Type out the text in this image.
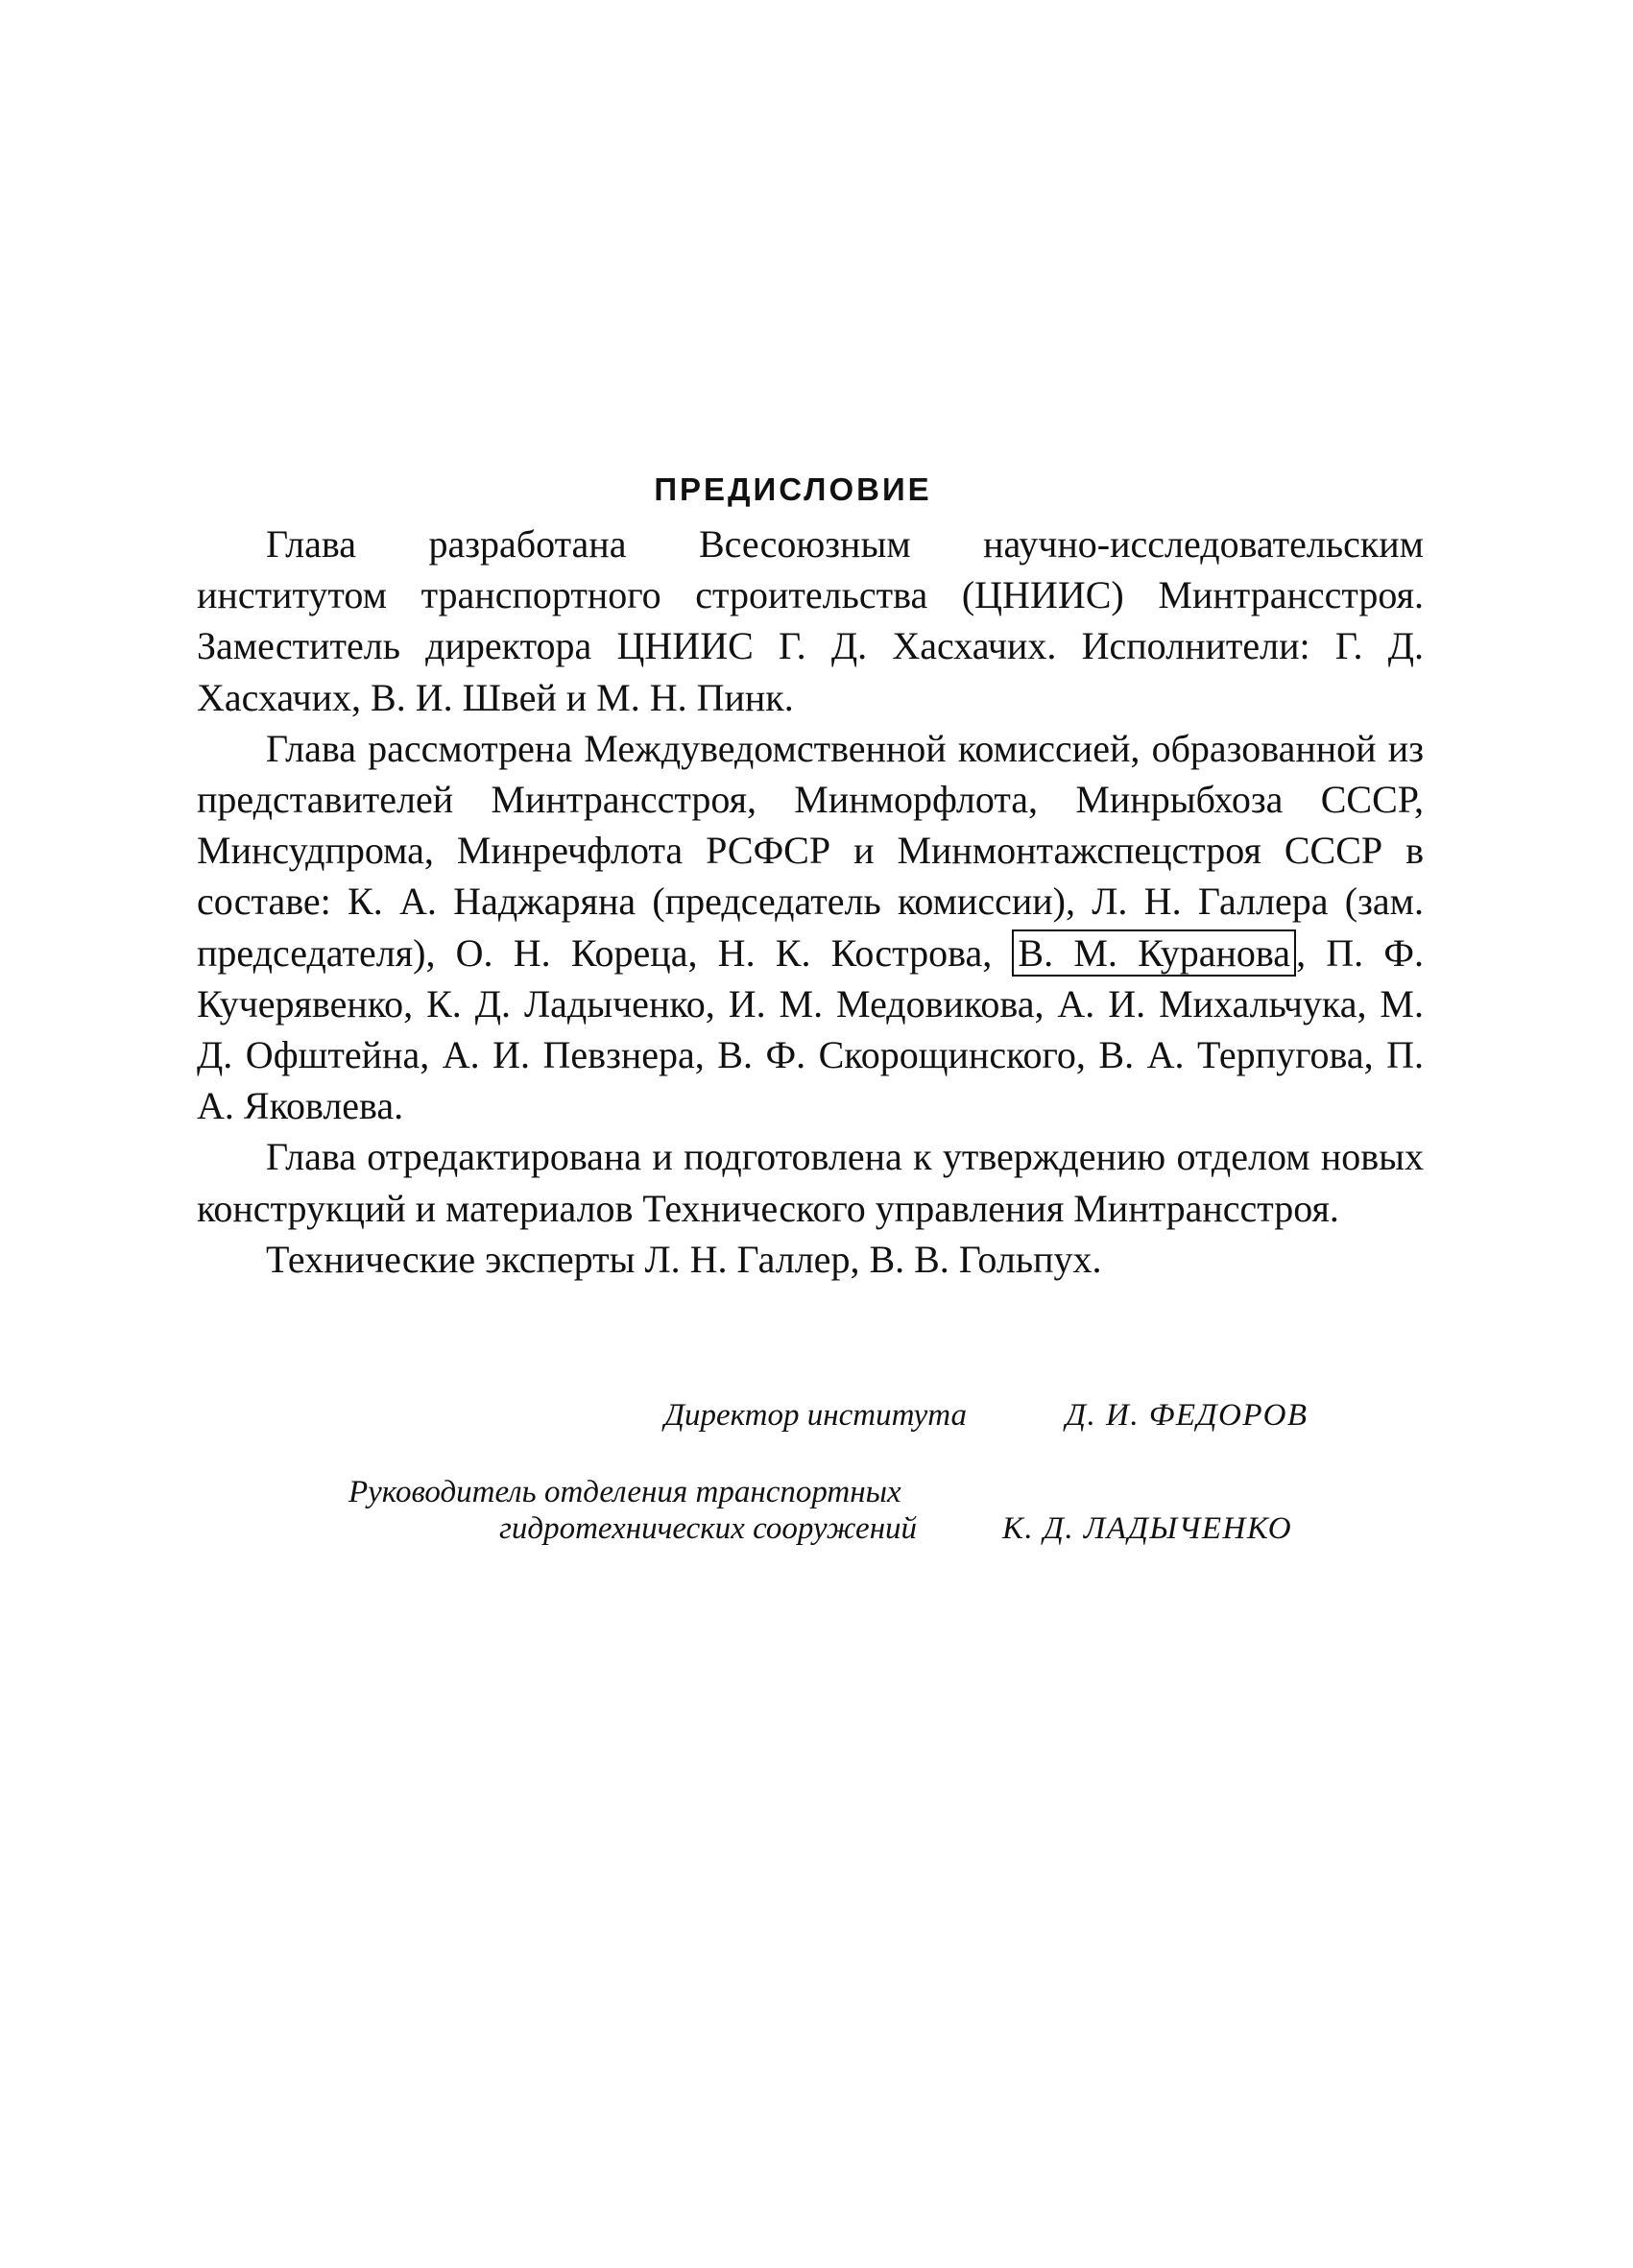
ПРЕДИСЛОВИЕ

Глава разработана Всесоюзным научно-исследовательским институтом транспортного строительства (ЦНИИС) Минтрансстроя. Заместитель директора ЦНИИС Г. Д. Хасхачих. Исполнители: Г. Д. Хасхачих, В. И. Швей и М. Н. Пинк.

Глава рассмотрена Междуведомственной комиссией, образованной из представителей Минтрансстроя, Минморфлота, Минрыбхоза СССР, Минсудпрома, Минречфлота РСФСР и Минмонтажспецстроя СССР в составе: К. А. Наджаряна (председатель комиссии), Л. Н. Галлера (зам. председателя), О. Н. Кореца, Н. К. Кострова, В. М. Куранова , П. Ф. Кучерявенко, К. Д. Ладыченко, И. М. Медовикова, А. И. Михальчука, М. Д. Офштейна, А. И. Певзнера, В. Ф. Скорощинского, В. А. Терпугова, П. А. Яковлева.

Глава отредактирована и подготовлена к утверждению отделом новых конструкций и материалов Технического управления Минтрансстроя.

Технические эксперты Л. Н. Галлер, В. В. Гольпух.

Директор института	Д. И. ФЕДОРОВ
Руководитель отделения транспортных
гидротехнических сооружений	К. Д. ЛАДЫЧЕНКО
